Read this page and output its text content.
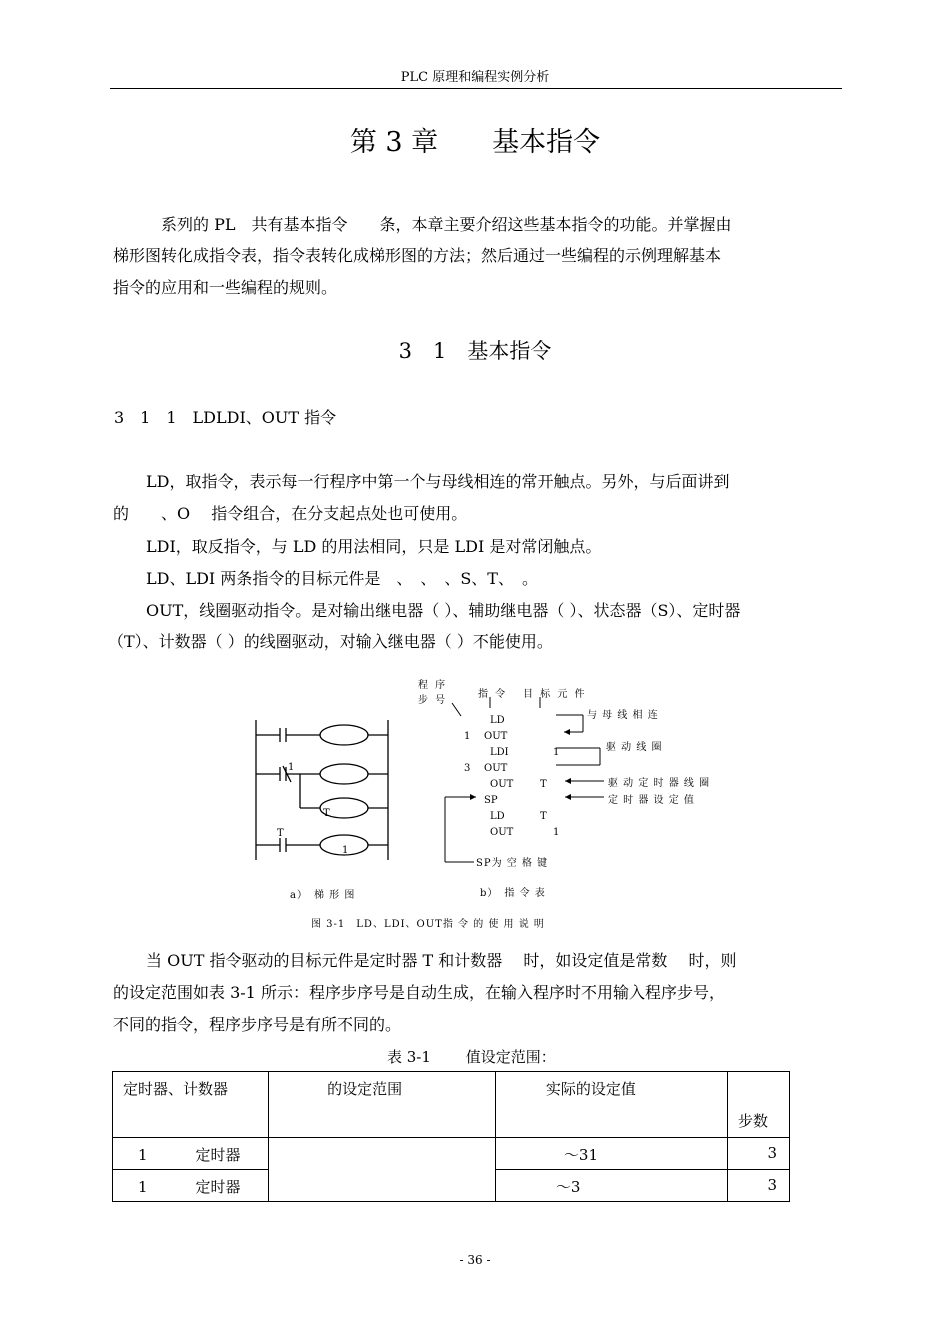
PLC 原理和编程实例分析
第 3 章　　基本指令
　　　系列的 PL　共有基本指令　　条，本章主要介绍这些基本指令的功能。并掌握由
梯形图转化成指令表，指令表转化成梯形图的方法；然后通过一些编程的示例理解基本
指令的应用和一些编程的规则。
3　1　基本指令
3　1　1　LDLDI、OUT 指令
LD，取指令，表示每一行程序中第一个与母线相连的常开触点。另外，与后面讲到
的　　、O　 指令组合，在分支起点处也可使用。
LDI，取反指令，与 LD 的用法相同，只是 LDI 是对常闭触点。
LD、LDI 两条指令的目标元件是　、　、　、S、T、　。
OUT，线圈驱动指令。是对输出继电器（ ）、辅助继电器（ ）、状态器（S）、定时器
（T）、计数器（ ）的线圈驱动，对输入继电器（ ）不能使用。
1
T
T
1
程 序
步 号
指 令 目 标 元 件
1
3
LD
OUT
LDI
OUT
OUT
SP
LD
OUT
1
T
T
1
与 母 线 相 连
驱 动 线 圈
驱 动 定 时 器 线 圈
定 时 器 设 定 值
SP为 空 格 键
a）　梯 形 图	b）　指 令 表
图 3-1　LD、LDI、OUT指 令 的 使 用 说 明
当 OUT 指令驱动的目标元件是定时器 T 和计数器　 时，如设定值是常数　 时，则
的设定范围如表 3-1 所示：程序步序号是自动生成，在输入程序时不用输入程序步号，
不同的指令，程序步序号是有所不同的。
表 3-1　　 值设定范围：
定时器、计数器	的设定范围	实际的设定值	步数
1 定时器		～31	3
1 定时器		～3	3
- 36 -
